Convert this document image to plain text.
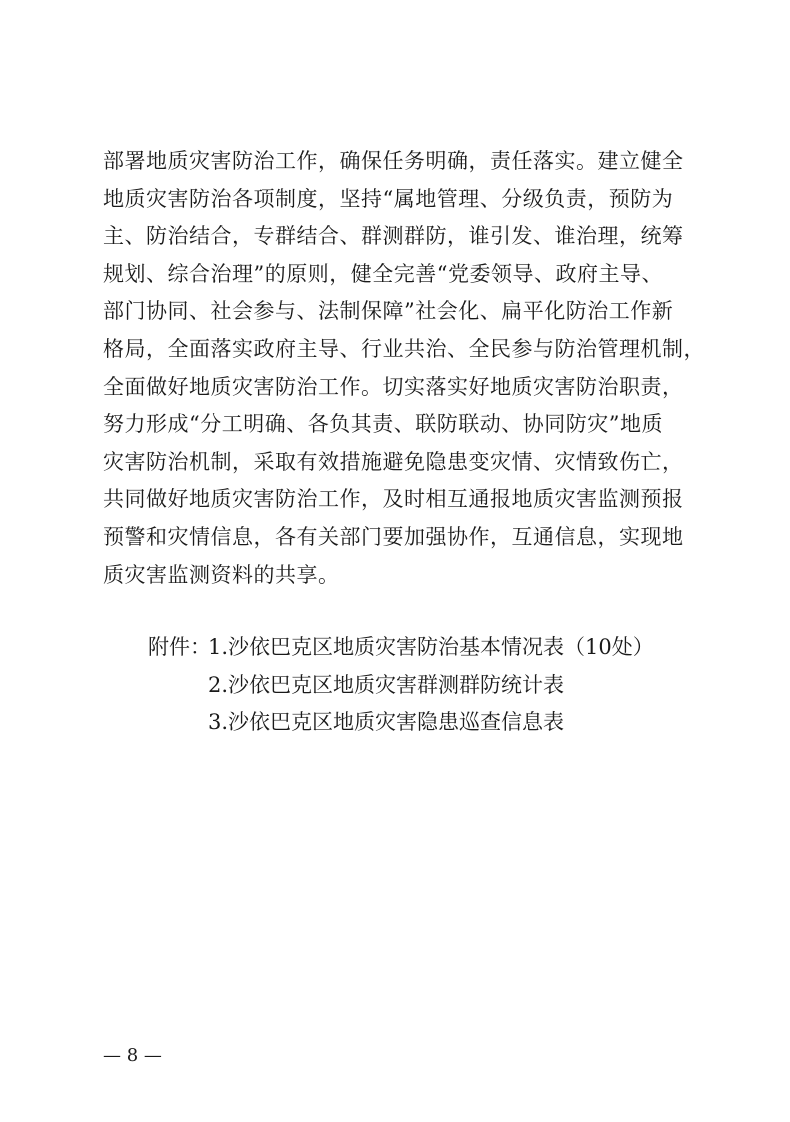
部署地质灾害防治工作，确保任务明确，责任落实。建立健全
地质灾害防治各项制度，坚持“属地管理、分级负责，预防为
主、防治结合，专群结合、群测群防，谁引发、谁治理，统筹
规划、综合治理”的原则，健全完善“党委领导、政府主导、
部门协同、社会参与、法制保障”社会化、扁平化防治工作新
格局，全面落实政府主导、行业共治、全民参与防治管理机制，
全面做好地质灾害防治工作。切实落实好地质灾害防治职责，
努力形成“分工明确、各负其责、联防联动、协同防灾”地质
灾害防治机制，采取有效措施避免隐患变灾情、灾情致伤亡，
共同做好地质灾害防治工作，及时相互通报地质灾害监测预报
预警和灾情信息，各有关部门要加强协作，互通信息，实现地
质灾害监测资料的共享。
附件：
1.沙依巴克区地质灾害防治基本情况表（10处）
2.沙依巴克区地质灾害群测群防统计表
3.沙依巴克区地质灾害隐患巡查信息表
— 8 —
